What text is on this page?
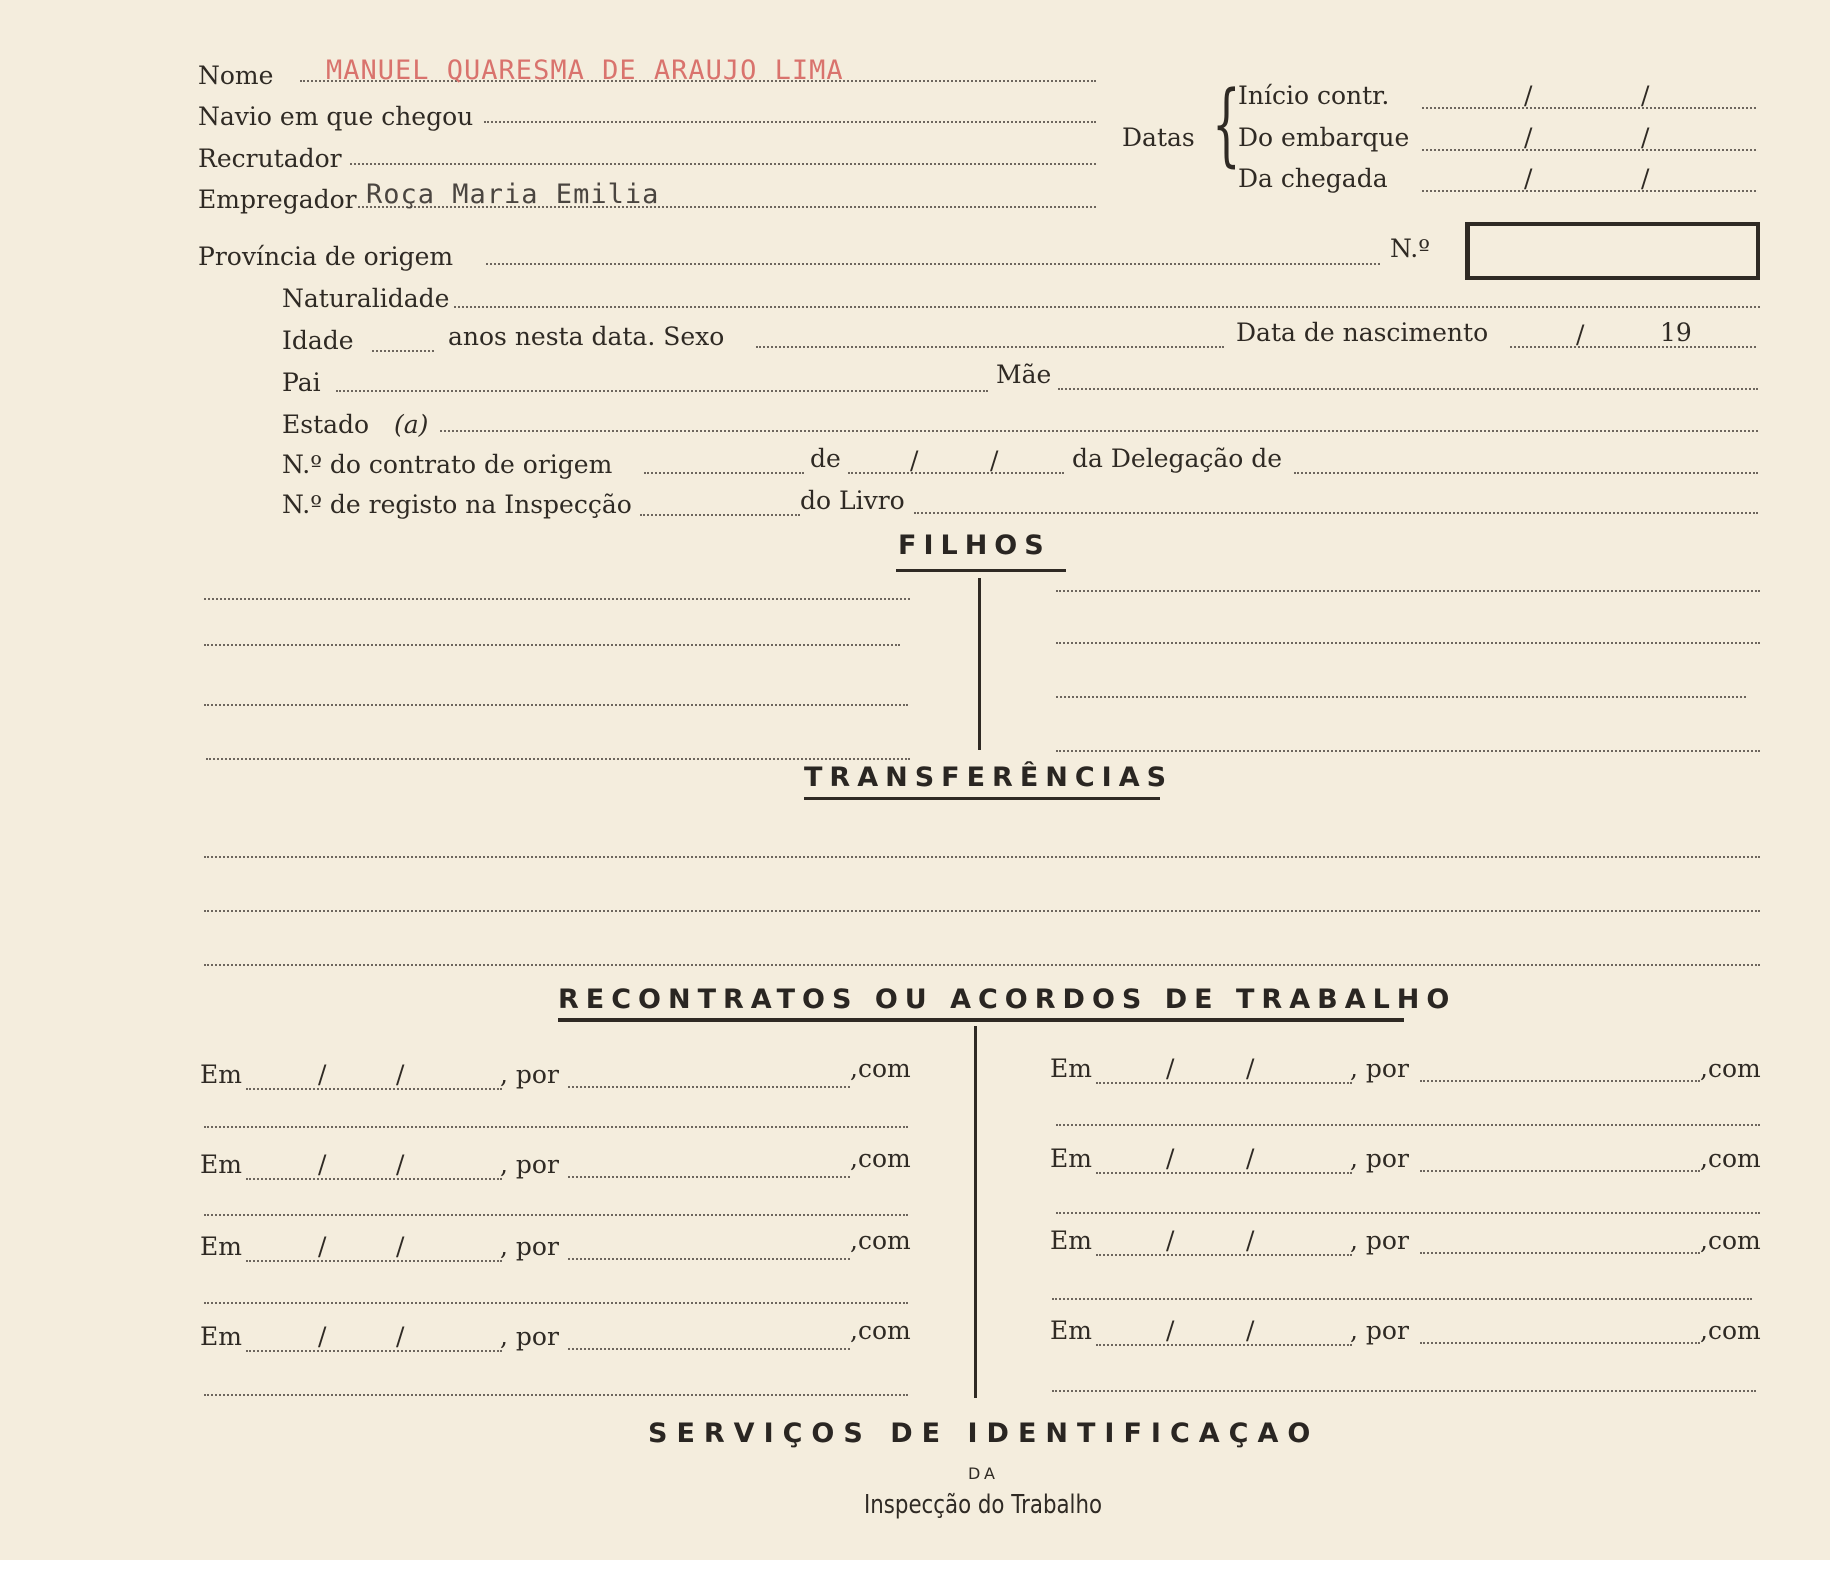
Nome MANUEL QUARESMA DE ARAUJO LIMA
Navio em que chegou
Recrutador
Empregador Roça Maria Emilia
Datas {
Início contr.	/	/
Do embarque	/	/
Da chegada	/	/
Província de origem	N.º
Naturalidade
Idade	anos nesta data. Sexo	Data de nascimento	/	19
Pai	Mãe
Estado (a)
N.º do contrato de origem	de	/	/	da Delegação de
N.º de registo na Inspecção	do Livro
FILHOS
TRANSFERÊNCIAS
RECONTRATOS OU ACORDOS DE TRABALHO
Em	/	/	, por	,com
Em	/	/	, por	,com
Em	/	/	, por	,com
Em	/	/	, por	,com
Em	/	/	, por	,com
Em	/	/	, por	,com
Em	/	/	, por	,com
Em	/	/	, por	,com
SERVIÇOS DE IDENTIFICAÇAO
DA
Inspecção do Trabalho
